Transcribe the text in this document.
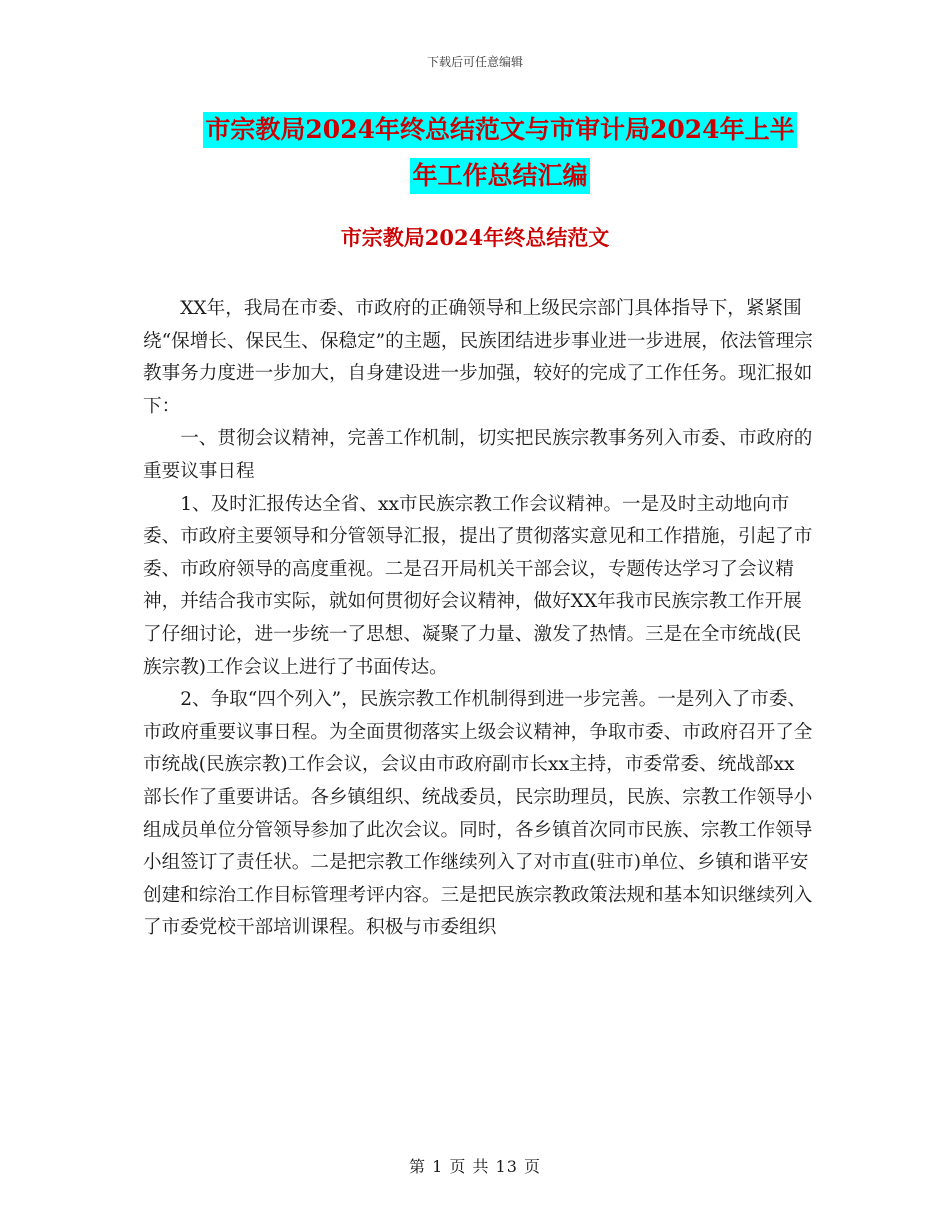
下载后可任意编辑
市宗教局2024年终总结范文与市审计局2024年上半
年工作总结汇编
市宗教局2024年终总结范文

XX年，我局在市委、市政府的正确领导和上级民宗部门具体指导下，紧紧围绕“保增长、保民生、保稳定”的主题，民族团结进步事业进一步进展，依法管理宗教事务力度进一步加大，自身建设进一步加强，较好的完成了工作任务。现汇报如下：

一、贯彻会议精神，完善工作机制，切实把民族宗教事务列入市委、市政府的重要议事日程

1、及时汇报传达全省、xx市民族宗教工作会议精神。一是及时主动地向市委、市政府主要领导和分管领导汇报，提出了贯彻落实意见和工作措施，引起了市委、市政府领导的高度重视。二是召开局机关干部会议，专题传达学习了会议精神，并结合我市实际，就如何贯彻好会议精神，做好XX年我市民族宗教工作开展了仔细讨论，进一步统一了思想、凝聚了力量、激发了热情。三是在全市统战(民族宗教)工作会议上进行了书面传达。

2、争取“四个列入”，民族宗教工作机制得到进一步完善。一是列入了市委、市政府重要议事日程。为全面贯彻落实上级会议精神，争取市委、市政府召开了全市统战(民族宗教)工作会议，会议由市政府副市长xx主持，市委常委、统战部xx部长作了重要讲话。各乡镇组织、统战委员，民宗助理员，民族、宗教工作领导小组成员单位分管领导参加了此次会议。同时，各乡镇首次同市民族、宗教工作领导小组签订了责任状。二是把宗教工作继续列入了对市直(驻市)单位、乡镇和谐平安创建和综治工作目标管理考评内容。三是把民族宗教政策法规和基本知识继续列入了市委党校干部培训课程。积极与市委组织

第 1 页 共 13 页
